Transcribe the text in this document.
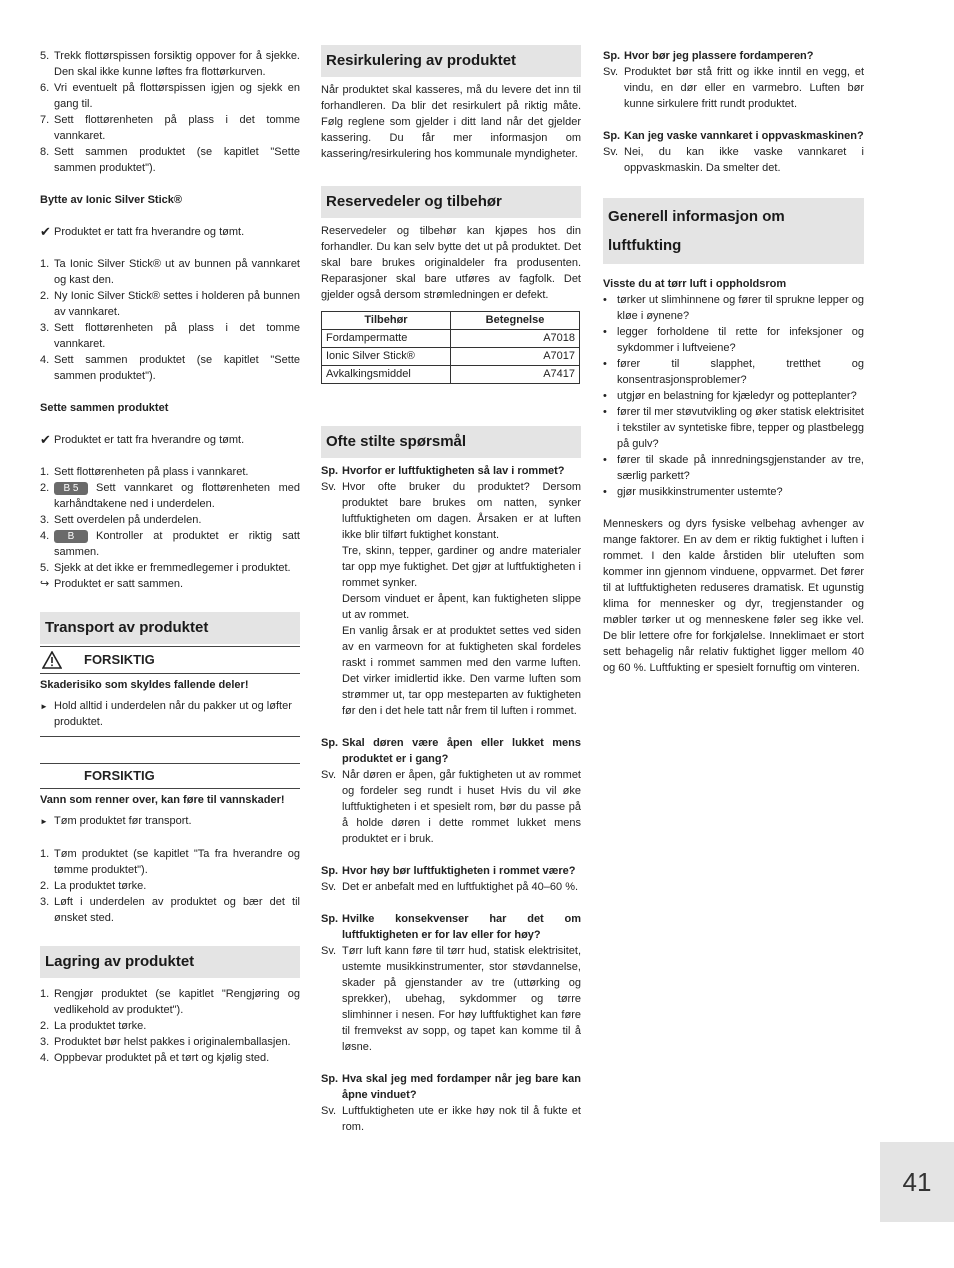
5. Trekk flottørspissen forsiktig oppover for å sjekke. Den skal ikke kunne løftes fra flottørkurven.
6. Vri eventuelt på flottørspissen igjen og sjekk en gang til.
7. Sett flottørenheten på plass i det tomme vannkaret.
8. Sett sammen produktet (se kapitlet "Sette sammen produktet").

Bytte av Ionic Silver Stick®

✔ Produktet er tatt fra hverandre og tømt.
1. Ta Ionic Silver Stick® ut av bunnen på vannkaret og kast den.
2. Ny Ionic Silver Stick® settes i holderen på bunnen av vannkaret.
3. Sett flottørenheten på plass i det tomme vannkaret.
4. Sett sammen produktet (se kapitlet "Sette sammen produktet").

Sette sammen produktet

✔ Produktet er tatt fra hverandre og tømt.
1. Sett flottørenheten på plass i vannkaret.
2.	B 5 Sett vannkaret og flottørenheten med karhåndtakene ned i underdelen.
3. Sett overdelen på underdelen.
4.	B Kontroller at produktet er riktig satt sammen.
5. Sjekk at det ikke er fremmedlegemer i produktet.
↪ Produktet er satt sammen.
Transport av produktet
FORSIKTIG

Skaderisiko som skyldes fallende deler!

► Hold alltid i underdelen når du pakker ut og løfter produktet.
FORSIKTIG

Vann som renner over, kan føre til vannskader!

► Tøm produktet før transport.
1. Tøm produktet (se kapitlet "Ta fra hverandre og tømme produktet").
2. La produktet tørke.
3. Løft i underdelen av produktet og bær det til ønsket sted.
Lagring av produktet
1. Rengjør produktet (se kapitlet "Rengjøring og vedlikehold av produktet").
2. La produktet tørke.
3. Produktet bør helst pakkes i originalemballasjen.
4. Oppbevar produktet på et tørt og kjølig sted.
Resirkulering av produktet

Når produktet skal kasseres, må du levere det inn til forhandleren. Da blir det resirkulert på riktig måte. Følg reglene som gjelder i ditt land når det gjelder kassering. Du får mer informasjon om kassering/resirkulering hos kommunale myndigheter.

Reservedeler og tilbehør

Reservedeler og tilbehør kan kjøpes hos din forhandler. Du kan selv bytte det ut på produktet. Det skal bare brukes originaldeler fra produsenten. Reparasjoner skal bare utføres av fagfolk. Det gjelder også dersom strømledningen er defekt.

Tilbehør	Betegnelse
Fordampermatte	A7018
Ionic Silver Stick®	A7017
Avkalkingsmiddel	A7417
Ofte stilte spørsmål
Sp. Hvorfor er luftfuktigheten så lav i rommet?
Sv. Hvor ofte bruker du produktet? Dersom produktet bare brukes om natten, synker luftfuktigheten om dagen. Årsaken er at luften ikke blir tilført fuktighet konstant.

Tre, skinn, tepper, gardiner og andre materialer tar opp mye fuktighet. Det gjør at luftfuktigheten i rommet synker.

Dersom vinduet er åpent, kan fuktigheten slippe ut av rommet.

En vanlig årsak er at produktet settes ved siden av en varmeovn for at fuktigheten skal fordeles raskt i rommet sammen med den varme luften. Det virker imidlertid ikke. Den varme luften som strømmer ut, tar opp mesteparten av fuktigheten før den i det hele tatt når frem til luften i rommet.

Sp. Skal døren være åpen eller lukket mens produktet er i gang?
Sv. Når døren er åpen, går fuktigheten ut av rommet og fordeler seg rundt i huset Hvis du vil øke luftfuktigheten i et spesielt rom, bør du passe på å holde døren i dette rommet lukket mens produktet er i bruk.

Sp. Hvor høy bør luftfuktigheten i rommet være?
Sv. Det er anbefalt med en luftfuktighet på 40–60 %.

Sp. Hvilke konsekvenser har det om luftfuktigheten er for lav eller for høy?
Sv. Tørr luft kann føre til tørr hud, statisk elektrisitet, ustemte musikkinstrumenter, stor støvdannelse, skader på gjenstander av tre (uttørking og sprekker), ubehag, sykdommer og tørre slimhinner i nesen. For høy luftfuktighet kan føre til fremvekst av sopp, og tapet kan komme til å løsne.

Sp. Hva skal jeg med fordamper når jeg bare kan åpne vinduet?
Sv. Luftfuktigheten ute er ikke høy nok til å fukte et rom.

Sp. Hvor bør jeg plassere fordamperen?
Sv. Produktet bør stå fritt og ikke inntil en vegg, et vindu, en dør eller en varmebro. Luften bør kunne sirkulere fritt rundt produktet.
Sp. Kan jeg vaske vannkaret i oppvaskmaskinen?
Sv. Nei, du kan ikke vaske vannkaret i oppvaskmaskin. Da smelter det.
Generell informasjon om luftfukting

Visste du at tørr luft i oppholdsrom

• tørker ut slimhinnene og fører til sprukne lepper og kløe i øynene?
• legger forholdene til rette for infeksjoner og sykdommer i luftveiene?
• fører til slapphet, tretthet og konsentrasjonsproblemer?
• utgjør en belastning for kjæledyr og potteplanter?
• fører til mer støvutvikling og øker statisk elektrisitet i tekstiler av syntetiske fibre, tepper og plastbelegg på gulv?
• fører til skade på innredningsgjenstander av tre, særlig parkett?
• gjør musikkinstrumenter ustemte?

Menneskers og dyrs fysiske velbehag avhenger av mange faktorer. En av dem er riktig fuktighet i luften i rommet. I den kalde årstiden blir uteluften som kommer inn gjennom vinduene, oppvarmet. Det fører til at luftfuktigheten reduseres dramatisk. Et ugunstig klima for mennesker og dyr, tregjenstander og møbler tørker ut og menneskene føler seg ikke vel. De blir lettere ofre for forkjølelse. Inneklimaet er stort sett behagelig når relativ fuktighet ligger mellom 40 og 60 %. Luftfukting er spesielt fornuftig om vinteren.

41
